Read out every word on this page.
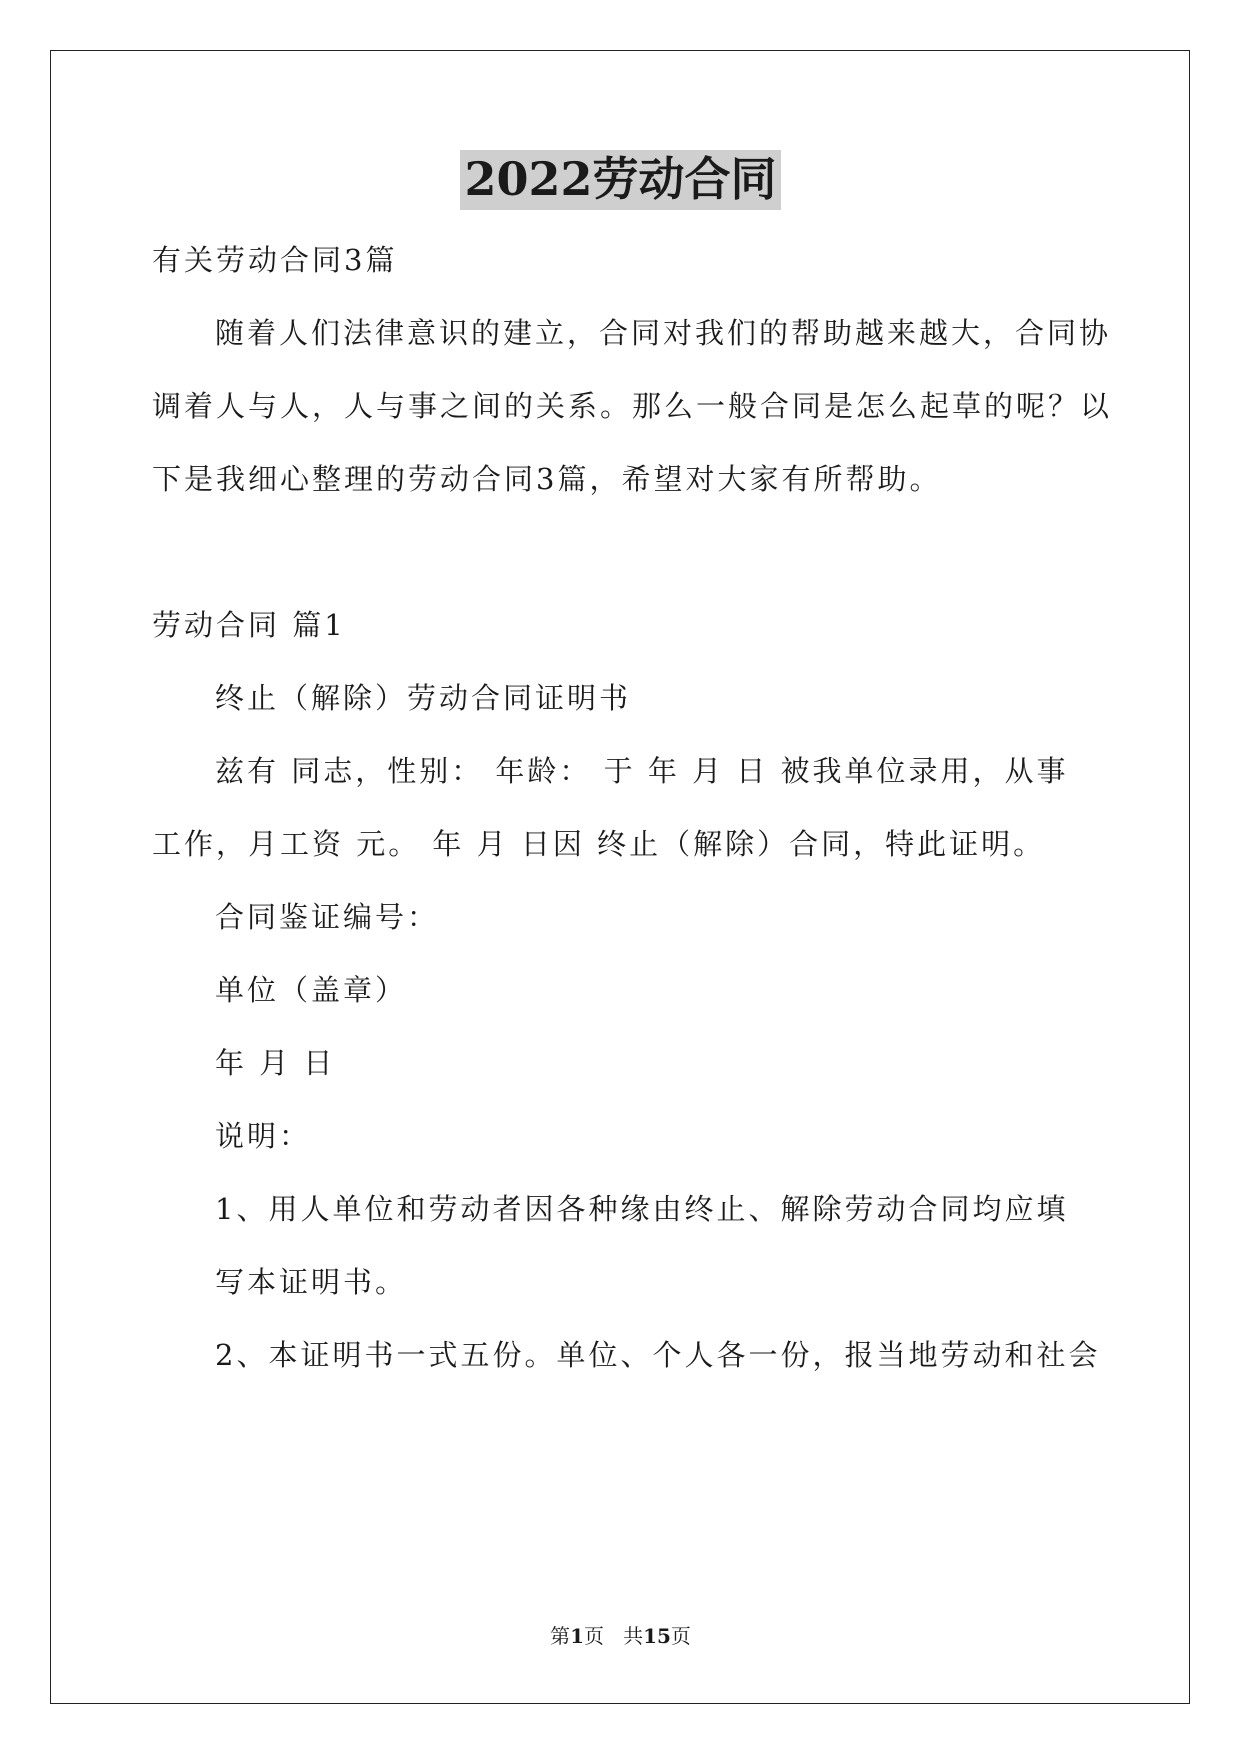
2022劳动合同

有关劳动合同3篇

随着人们法律意识的建立，合同对我们的帮助越来越大，合同协

调着人与人，人与事之间的关系。那么一般合同是怎么起草的呢？以

下是我细心整理的劳动合同3篇，希望对大家有所帮助。

劳动合同 篇1

终止（解除）劳动合同证明书

兹有 同志，性别： 年龄： 于 年 月 日 被我单位录用，从事

工作，月工资 元。 年 月 日因 终止（解除）合同，特此证明。

合同鉴证编号：

单位（盖章）

年 月 日

说明：

1、用人单位和劳动者因各种缘由终止、解除劳动合同均应填

写本证明书。

2、本证明书一式五份。单位、个人各一份，报当地劳动和社会

第1页 共15页
